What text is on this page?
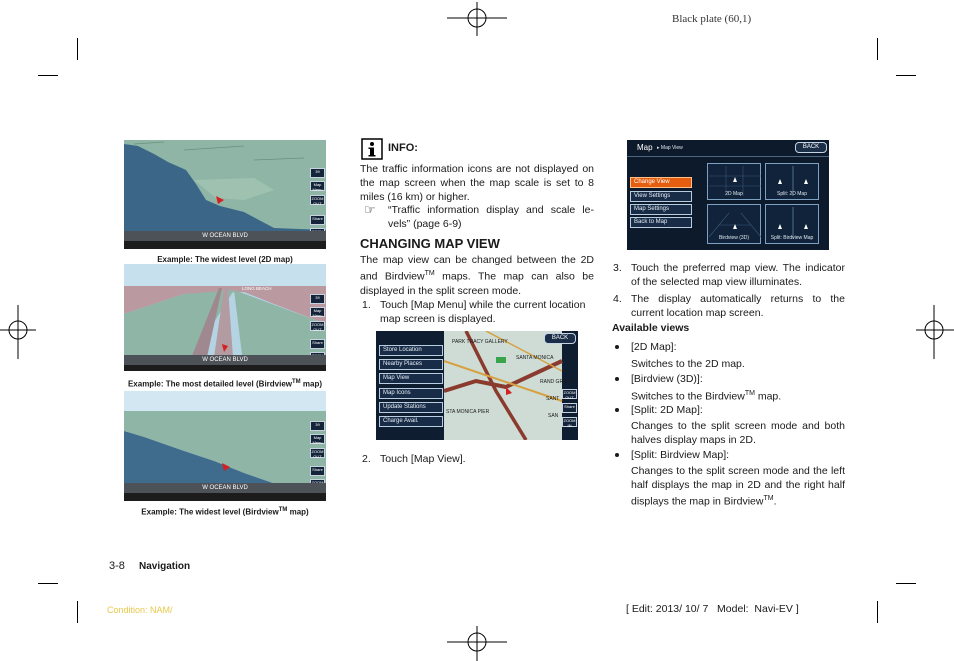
Black plate (60,1)
39
Map Menu
ZOOM OUT
Share
W OCEAN BLVD
Example: The widest level (2D map)
LONG BEACH
39
Map Menu
ZOOM OUT
Share
W OCEAN BLVD
Example: The most detailed level (Birdview™ map)
39
Map Menu
ZOOM OUT
Share
W OCEAN BLVD
Example: The widest level (Birdview™ map)
INFO:
The traffic information icons are not displayed on the map screen when the map scale is set to 8 miles (16 km) or higher.
☞	“Traffic information display and scale le-vels” (page 6-9)
CHANGING MAP VIEW
The map view can be changed between the 2D and Birdview™ maps. The map can also be displayed in the split screen mode.
1. Touch [Map Menu] while the current location map screen is displayed.
PARK TRACY GALLERY
SANTA MONICA
RAND GRAVIA
STA MONICA PIER
SANT
SAN
Store Location
Nearby Places
Map View
Map Icons
Update Stations
Charge Avail.
BACK
ZOOM OUT
Share
ZOOM IN
2. Touch [Map View].
Map ▸ Map View	BACK
Change View
View Settings
Map Settings
Back to Map
2D Map	Split: 2D Map
Birdview (3D)	Split: Birdview Map
3. Touch the preferred map view. The indicator of the selected map view illuminates.
4. The display automatically returns to the current location map screen.
Available views
[2D Map]:
Switches to the 2D map.
[Birdview (3D)]:
Switches to the Birdview™ map.
[Split: 2D Map]:
Changes to the split screen mode and both halves display maps in 2D.
[Split: Birdview Map]:
Changes to the split screen mode and the left half displays the map in 2D and the right half displays the map in Birdview™.
3-8 Navigation
Condition: NAM/	[ Edit: 2013/ 10/ 7   Model:  Navi-EV ]
